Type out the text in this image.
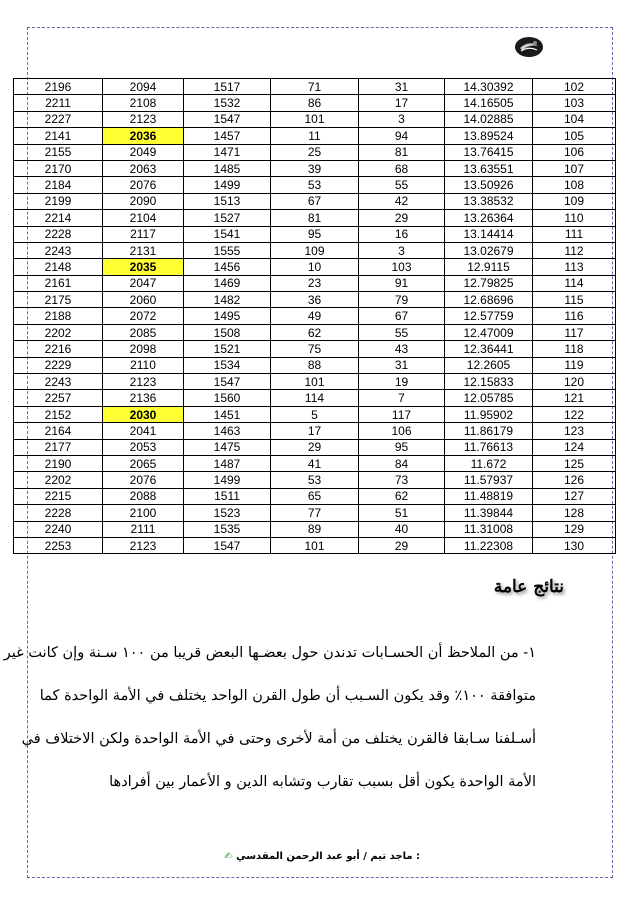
2196	2094	1517	71	31	14.30392	102
2211	2108	1532	86	17	14.16505	103
2227	2123	1547	101	3	14.02885	104
2141	2036	1457	11	94	13.89524	105
2155	2049	1471	25	81	13.76415	106
2170	2063	1485	39	68	13.63551	107
2184	2076	1499	53	55	13.50926	108
2199	2090	1513	67	42	13.38532	109
2214	2104	1527	81	29	13.26364	110
2228	2117	1541	95	16	13.14414	111
2243	2131	1555	109	3	13.02679	112
2148	2035	1456	10	103	12.9115	113
2161	2047	1469	23	91	12.79825	114
2175	2060	1482	36	79	12.68696	115
2188	2072	1495	49	67	12.57759	116
2202	2085	1508	62	55	12.47009	117
2216	2098	1521	75	43	12.36441	118
2229	2110	1534	88	31	12.2605	119
2243	2123	1547	101	19	12.15833	120
2257	2136	1560	114	7	12.05785	121
2152	2030	1451	5	117	11.95902	122
2164	2041	1463	17	106	11.86179	123
2177	2053	1475	29	95	11.76613	124
2190	2065	1487	41	84	11.672	125
2202	2076	1499	53	73	11.57937	126
2215	2088	1511	65	62	11.48819	127
2228	2100	1523	77	51	11.39844	128
2240	2111	1535	89	40	11.31008	129
2253	2123	1547	101	29	11.22308	130
نتائج عامة
١- من الملاحظ أن الحسـابات تدندن حول بعضـها البعض قريبا من ١٠٠ سـنة وإن كانت غير
متوافقة ١٠٠٪ وقد يكون السـبب أن طول القرن الواحد يختلف في الأمة الواحدة كما
أسـلفنا سـابقا فالقرن يختلف من أمة لأخرى وحتى في الأمة الواحدة ولكن الاختلاف في
الأمة الواحدة يكون أقل بسبب تقارب وتشابه الدين و الأعمار بين أفرادها
: ماجد تيم / أبو عبد الرحمن المقدسي ✍
